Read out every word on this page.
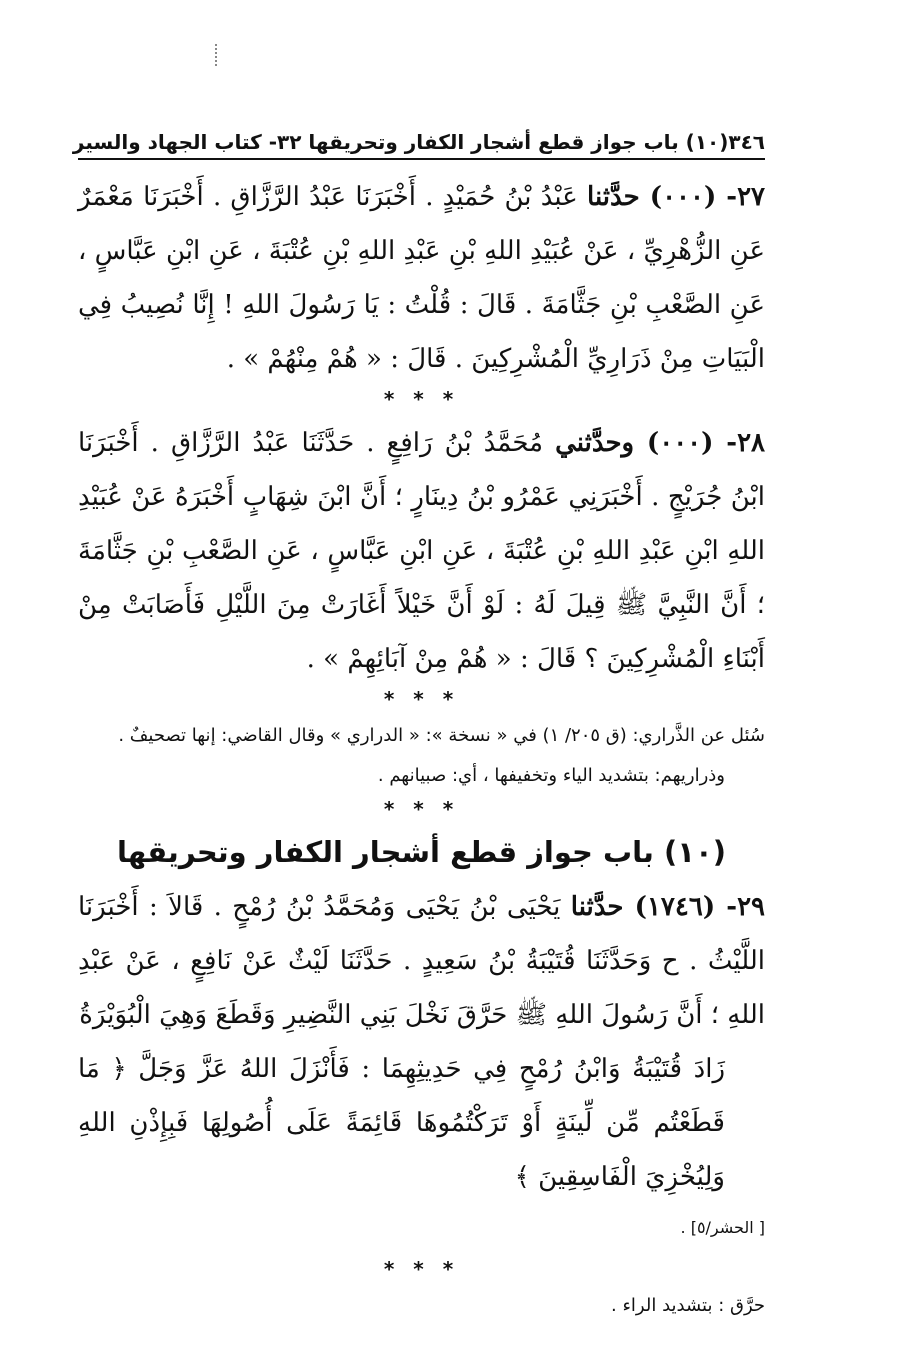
٣٤٦
(١٠) باب جواز قطع أشجار الكفار وتحريقها ٣٢- كتاب الجهاد والسير

٢٧- (٠٠٠) حدَّثنا عَبْدُ بْنُ حُمَيْدٍ . أَخْبَرَنَا عَبْدُ الرَّزَّاقِ . أَخْبَرَنَا مَعْمَرٌ عَنِ الزُّهْرِيِّ ، عَنْ عُبَيْدِ اللهِ بْنِ عَبْدِ اللهِ بْنِ عُتْبَةَ ، عَنِ ابْنِ عَبَّاسٍ ، عَنِ الصَّعْبِ بْنِ جَثَّامَةَ . قَالَ : قُلْتُ : يَا رَسُولَ اللهِ ! إِنَّا نُصِيبُ فِي الْبَيَاتِ مِنْ ذَرَارِيِّ الْمُشْرِكِينَ . قَالَ : « هُمْ مِنْهُمْ » .

* * *

٢٨- (٠٠٠) وحدَّثني مُحَمَّدُ بْنُ رَافِعٍ . حَدَّثَنَا عَبْدُ الرَّزَّاقِ . أَخْبَرَنَا ابْنُ جُرَيْجٍ . أَخْبَرَنِي عَمْرُو بْنُ دِينَارٍ ؛ أَنَّ ابْنَ شِهَابٍ أَخْبَرَهُ عَنْ عُبَيْدِ اللهِ ابْنِ عَبْدِ اللهِ بْنِ عُتْبَةَ ، عَنِ ابْنِ عَبَّاسٍ ، عَنِ الصَّعْبِ بْنِ جَثَّامَةَ ؛ أَنَّ النَّبِيَّ ﷺ قِيلَ لَهُ : لَوْ أَنَّ خَيْلاً أَغَارَتْ مِنَ اللَّيْلِ فَأَصَابَتْ مِنْ أَبْنَاءِ الْمُشْرِكِينَ ؟ قَالَ : « هُمْ مِنْ آبَائِهِمْ » .

* * *

سُئل عن الذَّراري: (ق ٢٠٥/ ١) في « نسخة »: « الدراري » وقال القاضي: إنها تصحيفٌ .

وذراريهم: بتشديد الياء وتخفيفها ، أي: صبيانهم .

* * *
(١٠) باب جواز قطع أشجار الكفار وتحريقها

٢٩- (١٧٤٦) حدَّثنا يَحْيَى بْنُ يَحْيَى وَمُحَمَّدُ بْنُ رُمْحٍ . قَالاَ : أَخْبَرَنَا اللَّيْثُ . ح وَحَدَّثَنَا قُتَيْبَةُ بْنُ سَعِيدٍ . حَدَّثَنَا لَيْثٌ عَنْ نَافِعٍ ، عَنْ عَبْدِ اللهِ ؛ أَنَّ رَسُولَ اللهِ ﷺ حَرَّقَ نَخْلَ بَنِي النَّضِيرِ وَقَطَعَ وَهِيَ الْبُوَيْرَةُ
زَادَ قُتَيْبَةُ وَابْنُ رُمْحٍ فِي حَدِيثِهِمَا : فَأَنْزَلَ اللهُ عَزَّ وَجَلَّ ﴿ مَا قَطَعْتُم مِّن لِّينَةٍ أَوْ تَرَكْتُمُوهَا قَائِمَةً عَلَى أُصُولِهَا فَبِإِذْنِ اللهِ وَلِيُخْزِيَ الْفَاسِقِينَ ﴾

[ الحشر/٥] .

* * *

حرَّق : بتشديد الراء .
